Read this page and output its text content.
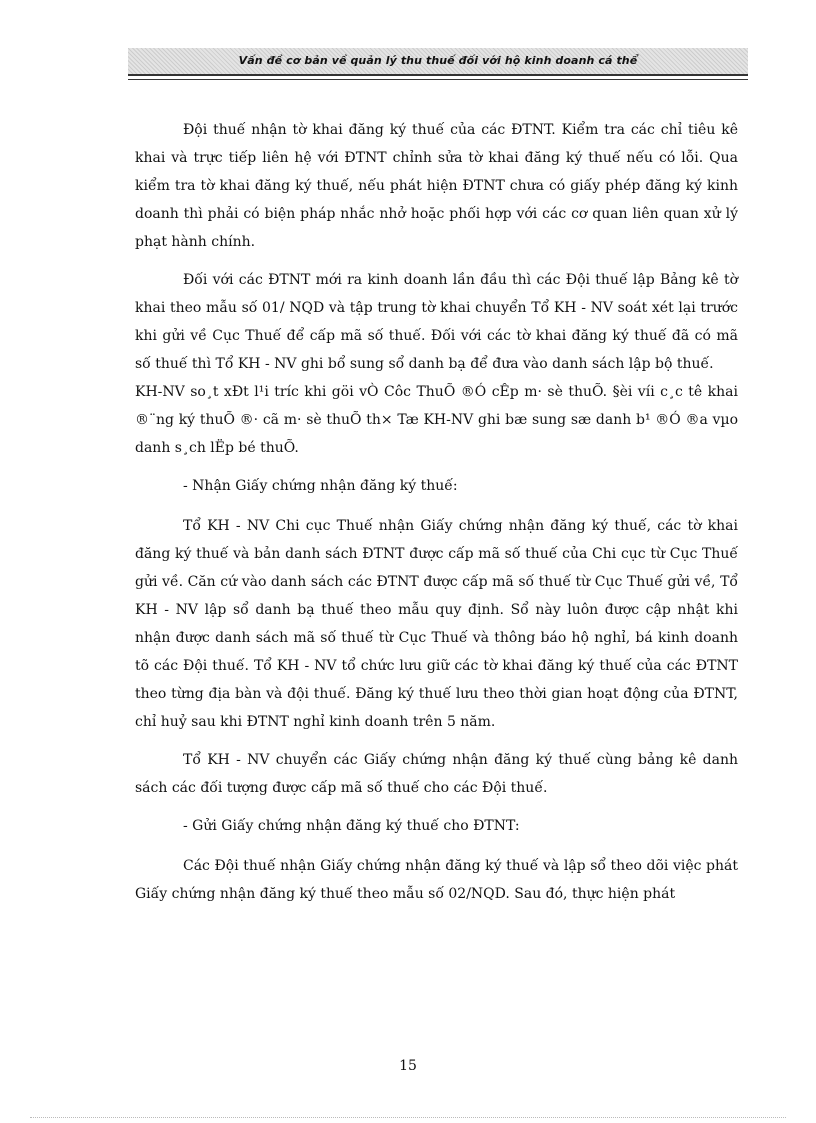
Vấn đề cơ bản về quản lý thu thuế đối với hộ kinh doanh cá thể

Đội thuế nhận tờ khai đăng ký thuế của các ĐTNT. Kiểm tra các chỉ tiêu kê khai và trực tiếp liên hệ với ĐTNT chỉnh sửa tờ khai đăng ký thuế nếu có lỗi. Qua kiểm tra tờ khai đăng ký thuế, nếu phát hiện ĐTNT chưa có giấy phép đăng ký kinh doanh thì phải có biện pháp nhắc nhở hoặc phối hợp với các cơ quan liên quan xử lý phạt hành chính.

Đối với các ĐTNT mới ra kinh doanh lần đầu thì các Đội thuế lập Bảng kê tờ khai theo mẫu số 01/ NQD và tập trung tờ khai chuyển Tổ KH - NV soát xét lại trước khi gửi về Cục Thuế để cấp mã số thuế. Đối với các tờ khai đăng ký thuế đã có mã số thuế thì Tổ KH - NV ghi bổ sung sổ danh bạ để đưa vào danh sách lập bộ thuế.

KH-NV so¸t xÐt l¹i tríc khi göi vÒ Côc ThuÕ ®Ó cÊp m· sè thuÕ. §èi víi c¸c tê khai ®¨ng ký thuÕ ®· cã m· sè thuÕ th× Tæ KH-NV ghi bæ sung sæ danh b¹ ®Ó ®a vµo danh s¸ch lËp bé thuÕ.

- Nhận Giấy chứng nhận đăng ký thuế:

Tổ KH - NV Chi cục Thuế nhận Giấy chứng nhận đăng ký thuế, các tờ khai đăng ký thuế và bản danh sách ĐTNT được cấp mã số thuế của Chi cục từ Cục Thuế gửi về. Căn cứ vào danh sách các ĐTNT được cấp mã số thuế từ Cục Thuế gửi về, Tổ KH - NV lập sổ danh bạ thuế theo mẫu quy định. Sổ này luôn được cập nhật khi nhận được danh sách mã số thuế từ Cục Thuế và thông báo hộ nghỉ, bá kinh doanh tõ các Đội thuế. Tổ KH - NV tổ chức lưu giữ các tờ khai đăng ký thuế của các ĐTNT theo từng địa bàn và đội thuế. Đăng ký thuế lưu theo thời gian hoạt động của ĐTNT, chỉ huỷ sau khi ĐTNT nghỉ kinh doanh trên 5 năm.

Tổ KH - NV chuyển các Giấy chứng nhận đăng ký thuế cùng bảng kê danh sách các đối tượng được cấp mã số thuế cho các Đội thuế.

- Gửi Giấy chứng nhận đăng ký thuế cho ĐTNT:

Các Đội thuế nhận Giấy chứng nhận đăng ký thuế và lập sổ theo dõi việc phát Giấy chứng nhận đăng ký thuế theo mẫu số 02/NQD. Sau đó, thực hiện phát

15
